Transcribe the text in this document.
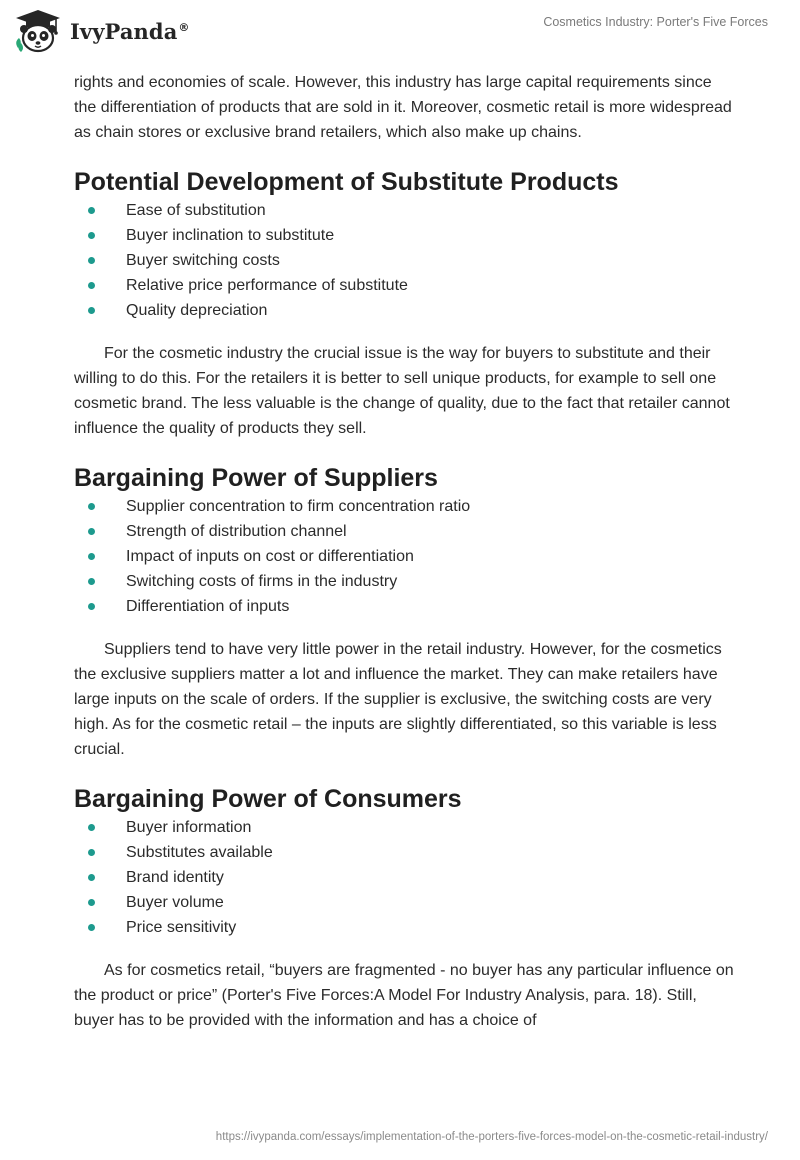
IvyPanda®	Cosmetics Industry: Porter's Five Forces

rights and economies of scale. However, this industry has large capital requirements since the differentiation of products that are sold in it. Moreover, cosmetic retail is more widespread as chain stores or exclusive brand retailers, which also make up chains.

Potential Development of Substitute Products
Ease of substitution
Buyer inclination to substitute
Buyer switching costs
Relative price performance of substitute
Quality depreciation

For the cosmetic industry the crucial issue is the way for buyers to substitute and their willing to do this. For the retailers it is better to sell unique products, for example to sell one cosmetic brand. The less valuable is the change of quality, due to the fact that retailer cannot influence the quality of products they sell.

Bargaining Power of Suppliers
Supplier concentration to firm concentration ratio
Strength of distribution channel
Impact of inputs on cost or differentiation
Switching costs of firms in the industry
Differentiation of inputs

Suppliers tend to have very little power in the retail industry. However, for the cosmetics the exclusive suppliers matter a lot and influence the market. They can make retailers have large inputs on the scale of orders. If the supplier is exclusive, the switching costs are very high. As for the cosmetic retail – the inputs are slightly differentiated, so this variable is less crucial.

Bargaining Power of Consumers
Buyer information
Substitutes available
Brand identity
Buyer volume
Price sensitivity

As for cosmetics retail, “buyers are fragmented - no buyer has any particular influence on the product or price” (Porter's Five Forces:A Model For Industry Analysis, para. 18). Still, buyer has to be provided with the information and has a choice of

https://ivypanda.com/essays/implementation-of-the-porters-five-forces-model-on-the-cosmetic-retail-industry/
